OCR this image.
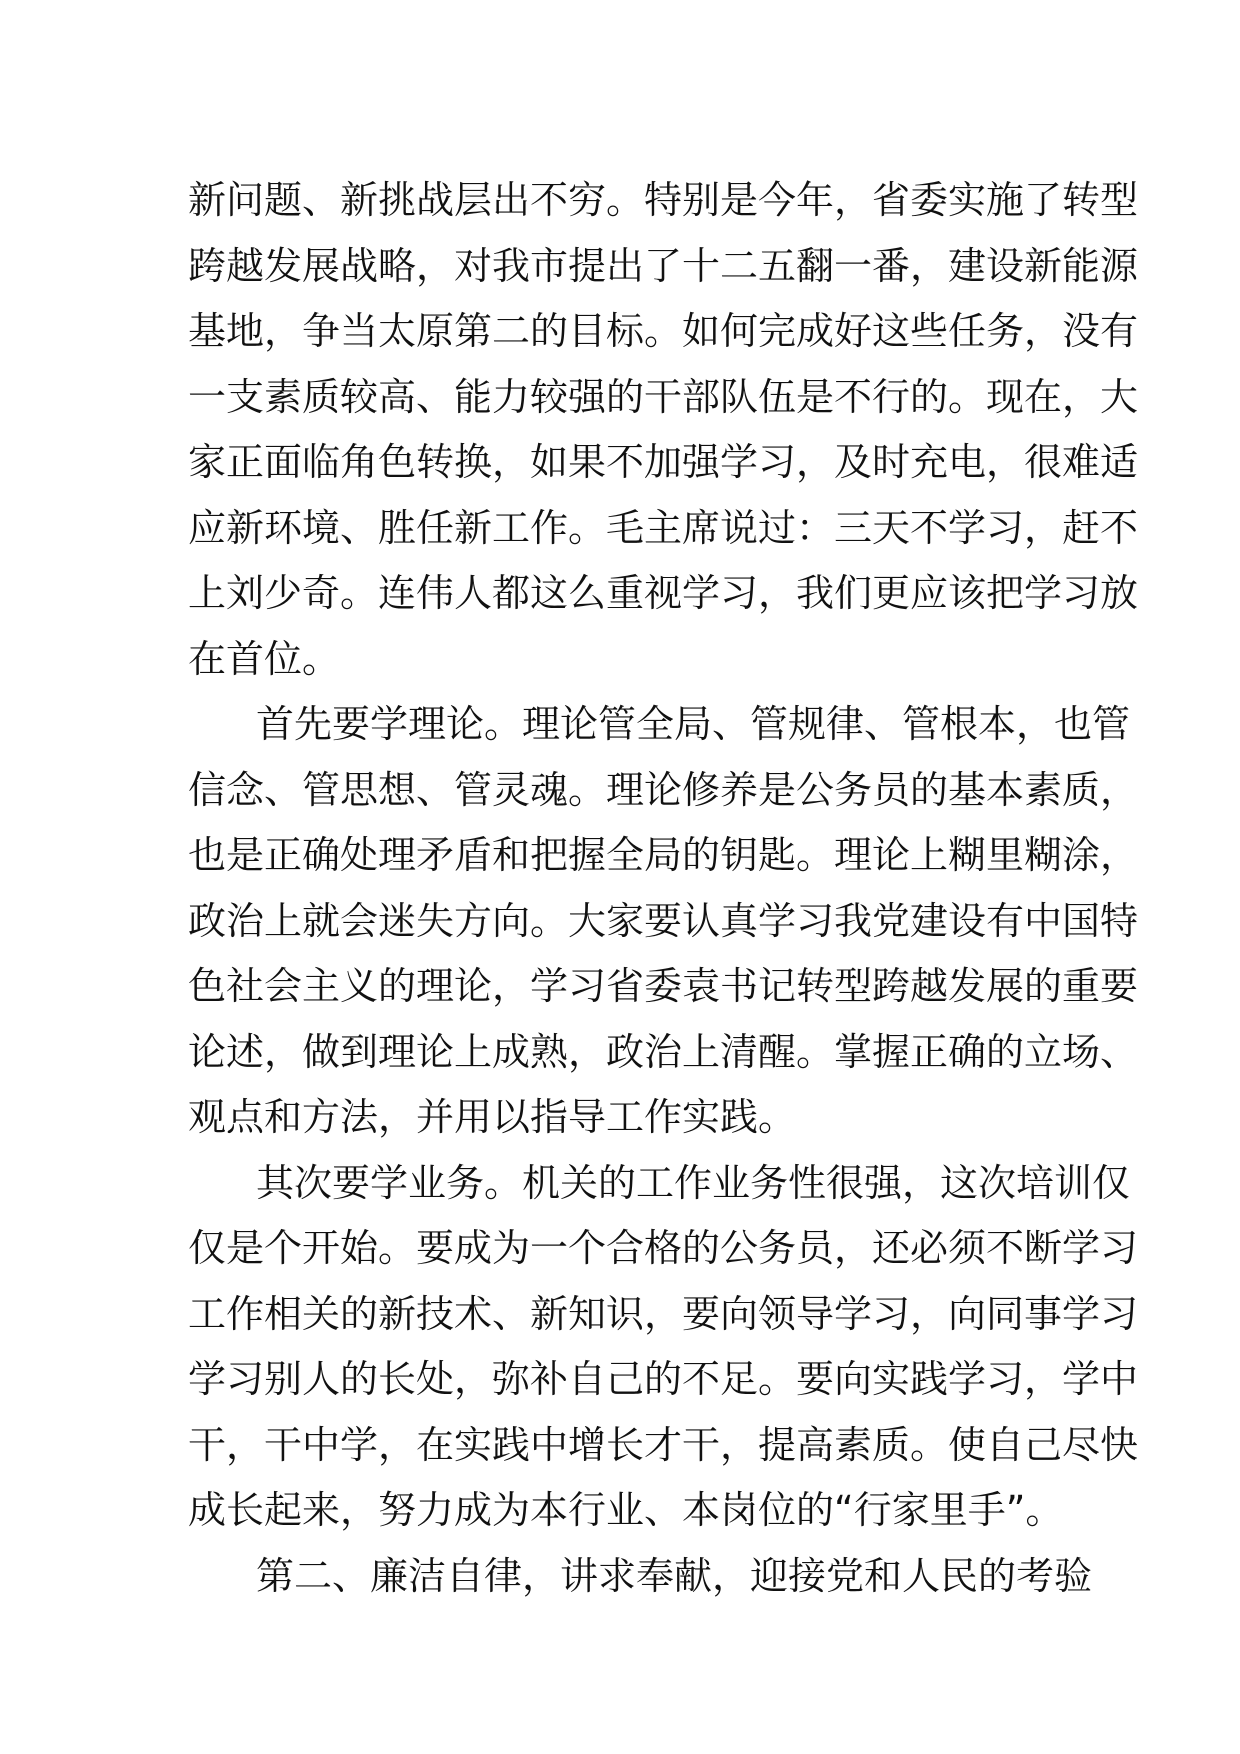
新问题、新挑战层出不穷。特别是今年，省委实施了转型
跨越发展战略，对我市提出了十二五翻一番，建设新能源
基地，争当太原第二的目标。如何完成好这些任务，没有
一支素质较高、能力较强的干部队伍是不行的。现在，大
家正面临角色转换，如果不加强学习，及时充电，很难适
应新环境、胜任新工作。毛主席说过：三天不学习，赶不
上刘少奇。连伟人都这么重视学习，我们更应该把学习放
在首位。
首先要学理论。理论管全局、管规律、管根本，也管
信念、管思想、管灵魂。理论修养是公务员的基本素质，
也是正确处理矛盾和把握全局的钥匙。理论上糊里糊涂，
政治上就会迷失方向。大家要认真学习我党建设有中国特
色社会主义的理论，学习省委袁书记转型跨越发展的重要
论述，做到理论上成熟，政治上清醒。掌握正确的立场、
观点和方法，并用以指导工作实践。
其次要学业务。机关的工作业务性很强，这次培训仅
仅是个开始。要成为一个合格的公务员，还必须不断学习
工作相关的新技术、新知识，要向领导学习，向同事学习
学习别人的长处，弥补自己的不足。要向实践学习，学中
干，干中学，在实践中增长才干，提高素质。使自己尽快
成长起来，努力成为本行业、本岗位的“行家里手”。
第二、廉洁自律，讲求奉献，迎接党和人民的考验
